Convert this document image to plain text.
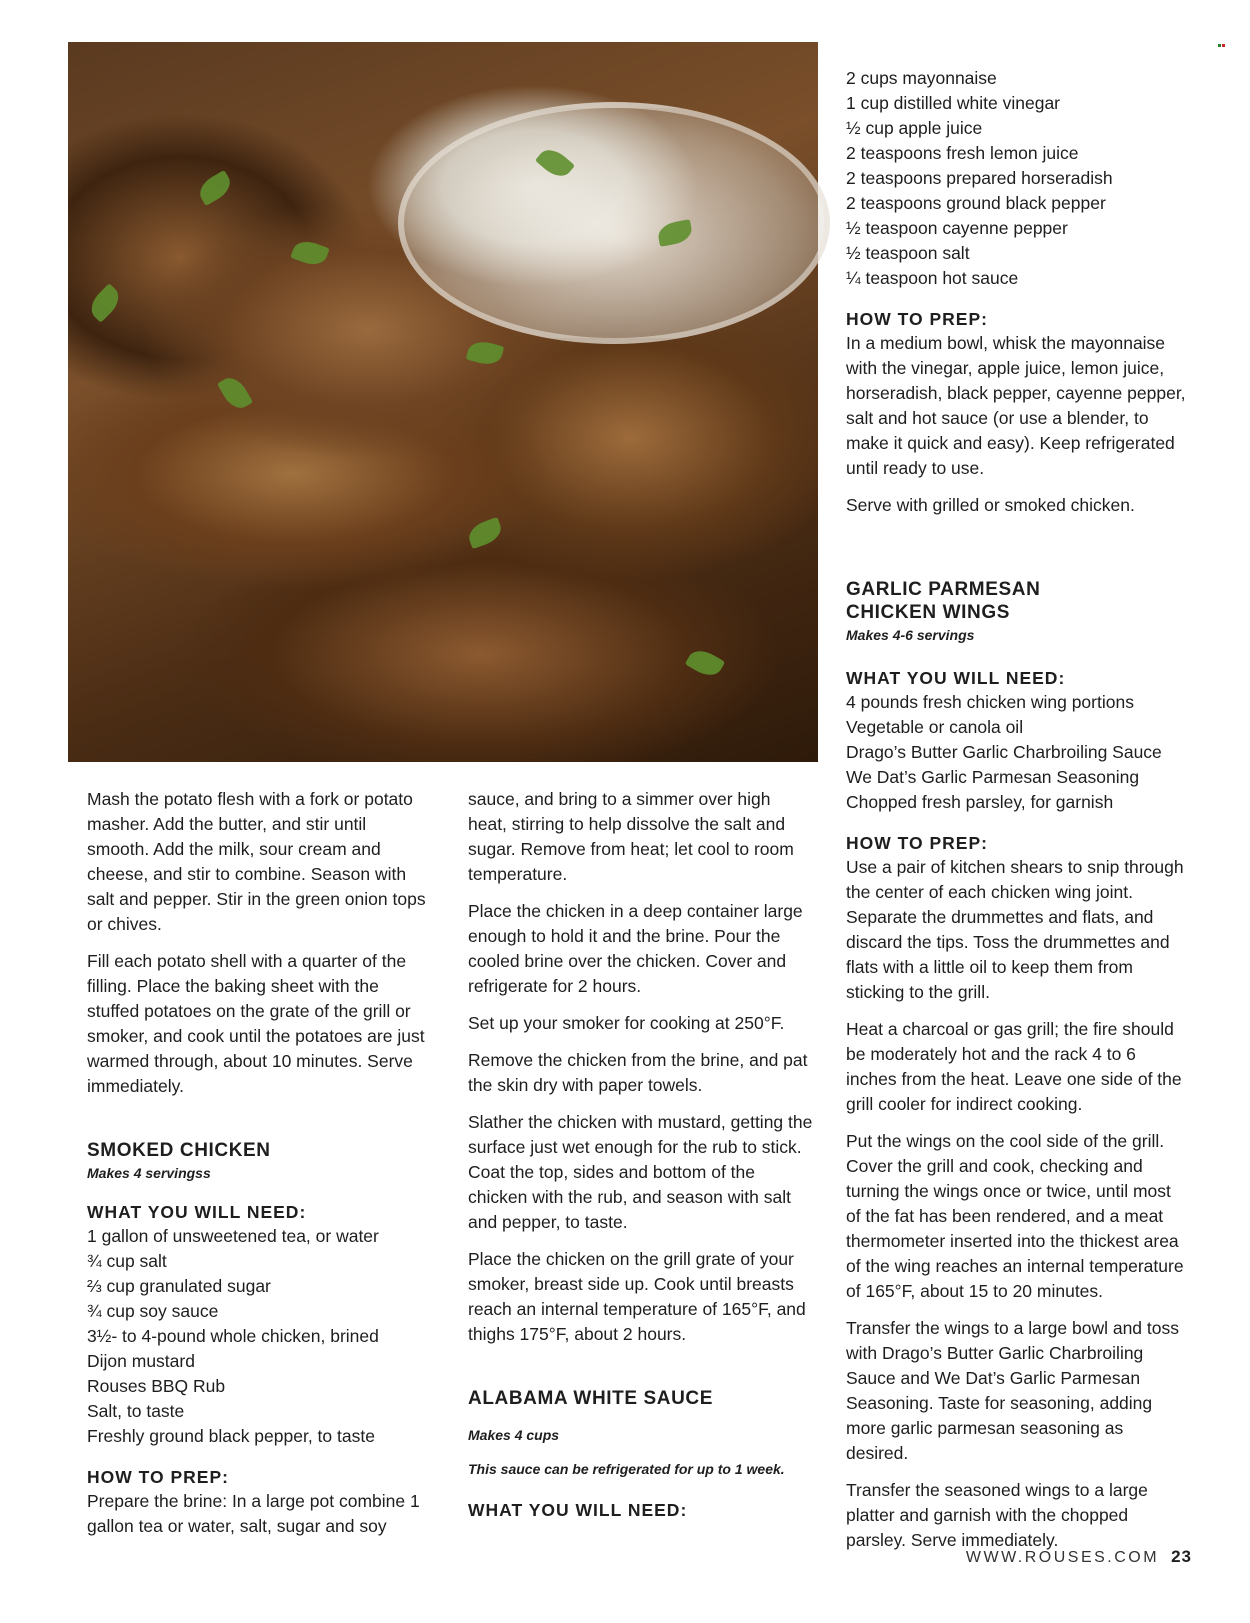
2 cups mayonnaise
1 cup distilled white vinegar
½ cup apple juice
2 teaspoons fresh lemon juice
2 teaspoons prepared horseradish
2 teaspoons ground black pepper
½ teaspoon cayenne pepper
½ teaspoon salt
¼ teaspoon hot sauce
HOW TO PREP:

In a medium bowl, whisk the mayonnaise with the vinegar, apple juice, lemon juice, horseradish, black pepper, cayenne pepper, salt and hot sauce (or use a blender, to make it quick and easy). Keep refrigerated until ready to use.

Serve with grilled or smoked chicken.

GARLIC PARMESAN
CHICKEN WINGS

Makes 4-6 servings

WHAT YOU WILL NEED:
4 pounds fresh chicken wing portions
Vegetable or canola oil
Drago’s Butter Garlic Charbroiling Sauce
We Dat’s Garlic Parmesan Seasoning
Chopped fresh parsley, for garnish
HOW TO PREP:

Use a pair of kitchen shears to snip through the center of each chicken wing joint. Separate the drummettes and flats, and discard the tips. Toss the drummettes and flats with a little oil to keep them from sticking to the grill.

Heat a charcoal or gas grill; the fire should be moderately hot and the rack 4 to 6 inches from the heat. Leave one side of the grill cooler for indirect cooking.

Put the wings on the cool side of the grill. Cover the grill and cook, checking and turning the wings once or twice, until most of the fat has been rendered, and a meat thermometer inserted into the thickest area of the wing reaches an internal temperature of 165°F, about 15 to 20 minutes.

Transfer the wings to a large bowl and toss with Drago’s Butter Garlic Charbroiling Sauce and We Dat’s Garlic Parmesan Seasoning. Taste for seasoning, adding more garlic parmesan seasoning as desired.

Transfer the seasoned wings to a large platter and garnish with the chopped parsley. Serve immediately.

Mash the potato flesh with a fork or potato masher. Add the butter, and stir until smooth. Add the milk, sour cream and cheese, and stir to combine. Season with salt and pepper. Stir in the green onion tops or chives.

Fill each potato shell with a quarter of the filling. Place the baking sheet with the stuffed potatoes on the grate of the grill or smoker, and cook until the potatoes are just warmed through, about 10 minutes. Serve immediately.

SMOKED CHICKEN

Makes 4 servingss

WHAT YOU WILL NEED:
1 gallon of unsweetened tea, or water
¾ cup salt
⅔ cup granulated sugar
¾ cup soy sauce
3½- to 4-pound whole chicken, brined
Dijon mustard
Rouses BBQ Rub
Salt, to taste
Freshly ground black pepper, to taste
HOW TO PREP:

Prepare the brine: In a large pot combine 1 gallon tea or water, salt, sugar and soy

sauce, and bring to a simmer over high heat, stirring to help dissolve the salt and sugar. Remove from heat; let cool to room temperature.

Place the chicken in a deep container large enough to hold it and the brine. Pour the cooled brine over the chicken. Cover and refrigerate for 2 hours.

Set up your smoker for cooking at 250°F.

Remove the chicken from the brine, and pat the skin dry with paper towels.

Slather the chicken with mustard, getting the surface just wet enough for the rub to stick. Coat the top, sides and bottom of the chicken with the rub, and season with salt and pepper, to taste.

Place the chicken on the grill grate of your smoker, breast side up. Cook until breasts reach an internal temperature of 165°F, and thighs 175°F, about 2 hours.

ALABAMA WHITE SAUCE

Makes 4 cups

This sauce can be refrigerated for up to 1 week.

WHAT YOU WILL NEED:
WWW.ROUSES.COM 23
